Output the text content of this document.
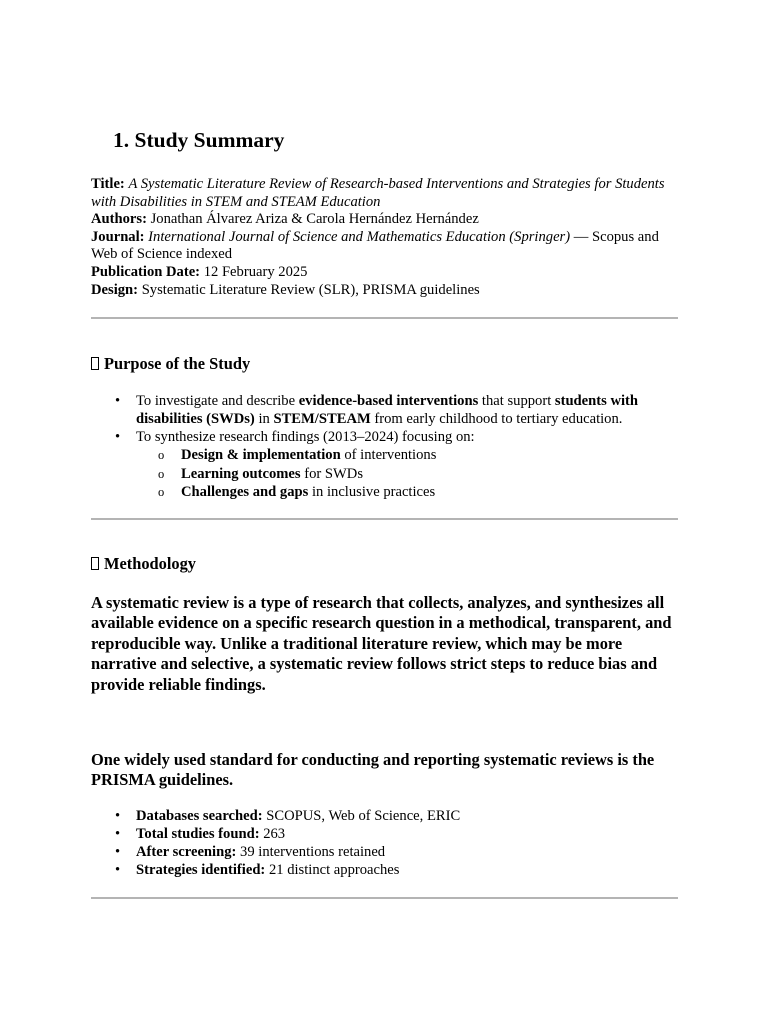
1. Study Summary

Title: A Systematic Literature Review of Research-based Interventions and Strategies for Students with Disabilities in STEM and STEAM Education

Authors: Jonathan Álvarez Ariza & Carola Hernández Hernández

Journal: International Journal of Science and Mathematics Education (Springer) — Scopus and Web of Science indexed

Publication Date: 12 February 2025

Design: Systematic Literature Review (SLR), PRISMA guidelines

Purpose of the Study
• To investigate and describe evidence-based interventions that support students with disabilities (SWDs) in STEM/STEAM from early childhood to tertiary education.
• To synthesize research findings (2013–2024) focusing on:
o Design & implementation of interventions
o Learning outcomes for SWDs
o Challenges and gaps in inclusive practices
Methodology

A systematic review is a type of research that collects, analyzes, and synthesizes all available evidence on a specific research question in a methodical, transparent, and reproducible way. Unlike a traditional literature review, which may be more narrative and selective, a systematic review follows strict steps to reduce bias and provide reliable findings.

One widely used standard for conducting and reporting systematic reviews is the PRISMA guidelines.

• Databases searched: SCOPUS, Web of Science, ERIC
• Total studies found: 263
• After screening: 39 interventions retained
• Strategies identified: 21 distinct approaches
